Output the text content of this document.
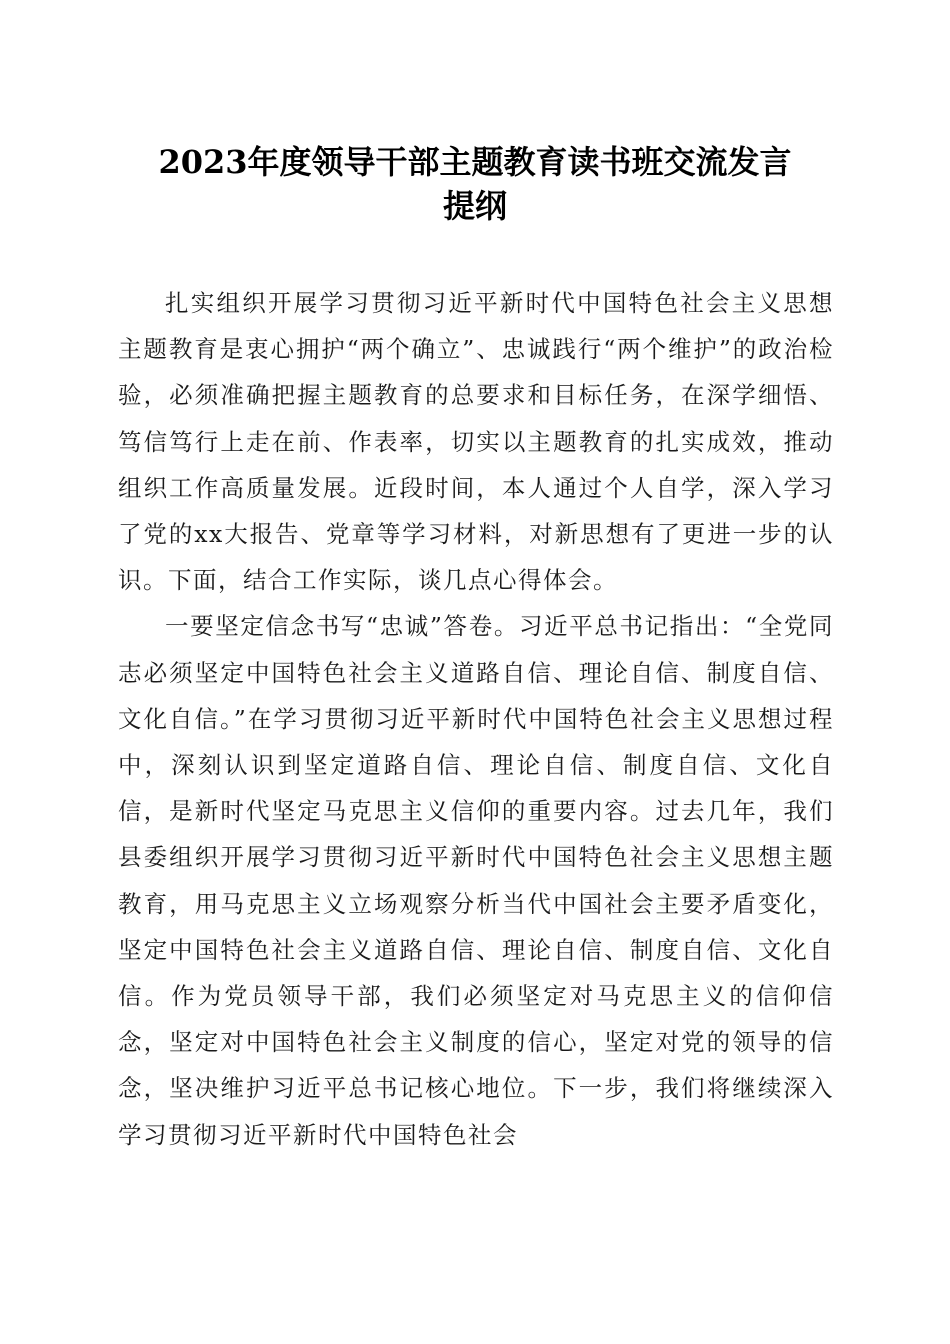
2023年度领导干部主题教育读书班交流发言
提纲

扎实组织开展学习贯彻习近平新时代中国特色社会主义思想主题教育是衷心拥护“两个确立”、忠诚践行“两个维护”的政治检验，必须准确把握主题教育的总要求和目标任务，在深学细悟、笃信笃行上走在前、作表率，切实以主题教育的扎实成效，推动组织工作高质量发展。近段时间，本人通过个人自学，深入学习了党的xx大报告、党章等学习材料，对新思想有了更进一步的认识。下面，结合工作实际，谈几点心得体会。

一要坚定信念书写“忠诚”答卷。习近平总书记指出：“全党同志必须坚定中国特色社会主义道路自信、理论自信、制度自信、文化自信。”在学习贯彻习近平新时代中国特色社会主义思想过程中，深刻认识到坚定道路自信、理论自信、制度自信、文化自信，是新时代坚定马克思主义信仰的重要内容。过去几年，我们县委组织开展学习贯彻习近平新时代中国特色社会主义思想主题教育，用马克思主义立场观察分析当代中国社会主要矛盾变化，坚定中国特色社会主义道路自信、理论自信、制度自信、文化自信。作为党员领导干部，我们必须坚定对马克思主义的信仰信念，坚定对中国特色社会主义制度的信心，坚定对党的领导的信念，坚决维护习近平总书记核心地位。下一步，我们将继续深入学习贯彻习近平新时代中国特色社会
